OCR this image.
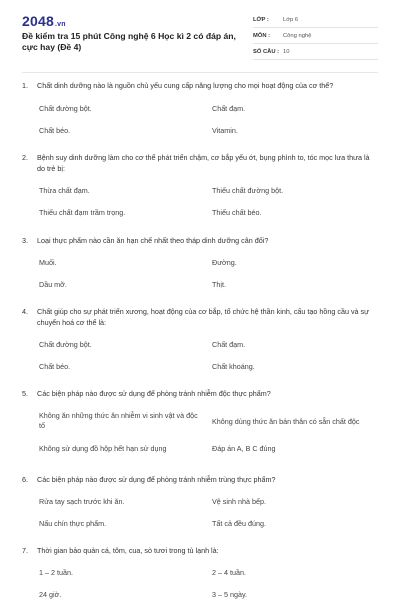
2048.vn
Đề kiểm tra 15 phút Công nghệ 6 Học kì 2 có đáp án, cực hay (Đề 4)
LỚP :	Lớp 6
MÔN :	Công nghệ
SỐ CÂU : 10
1.	Chất dinh dưỡng nào là nguồn chủ yếu cung cấp năng lượng cho mọi hoạt động của cơ thể?
Chất đường bột.	Chất đạm.
Chất béo.	Vitamin.
2.	Bệnh suy dinh dưỡng làm cho cơ thể phát triển chậm, cơ bắp yếu ớt, bụng phình to, tóc mọc lưa thưa là do trẻ bị:
Thừa chất đạm.	Thiếu chất đường bột.
Thiếu chất đạm trầm trọng.	Thiếu chất béo.
3.	Loại thực phẩm nào cần ăn hạn chế nhất theo tháp dinh dưỡng cân đối?
Muối.	Đường.
Dầu mỡ.	Thịt.
4.	Chất giúp cho sự phát triển xương, hoạt động của cơ bắp, tổ chức hệ thần kinh, cấu tạo hồng cầu và sự chuyển hoá cơ thể là:
Chất đường bột.	Chất đạm.
Chất béo.	Chất khoáng.
5.	Các biện pháp nào được sử dụng để phòng tránh nhiễm độc thực phẩm?
Không ăn những thức ăn nhiễm vi sinh vật và độc tố	Không dùng thức ăn bản thân có sẵn chất độc
Không sử dụng đồ hộp hết hạn sử dụng	Đáp án A, B C đúng
6.	Các biện pháp nào được sử dụng để phòng tránh nhiễm trùng thực phẩm?
Rửa tay sạch trước khi ăn.	Vệ sinh nhà bếp.
Nấu chín thực phẩm.	Tất cả đều đúng.
7.	Thời gian bảo quản cá, tôm, cua, sò tươi trong tủ lạnh là:
1 – 2 tuần.	2 – 4 tuần.
24 giờ.	3 – 5 ngày.
